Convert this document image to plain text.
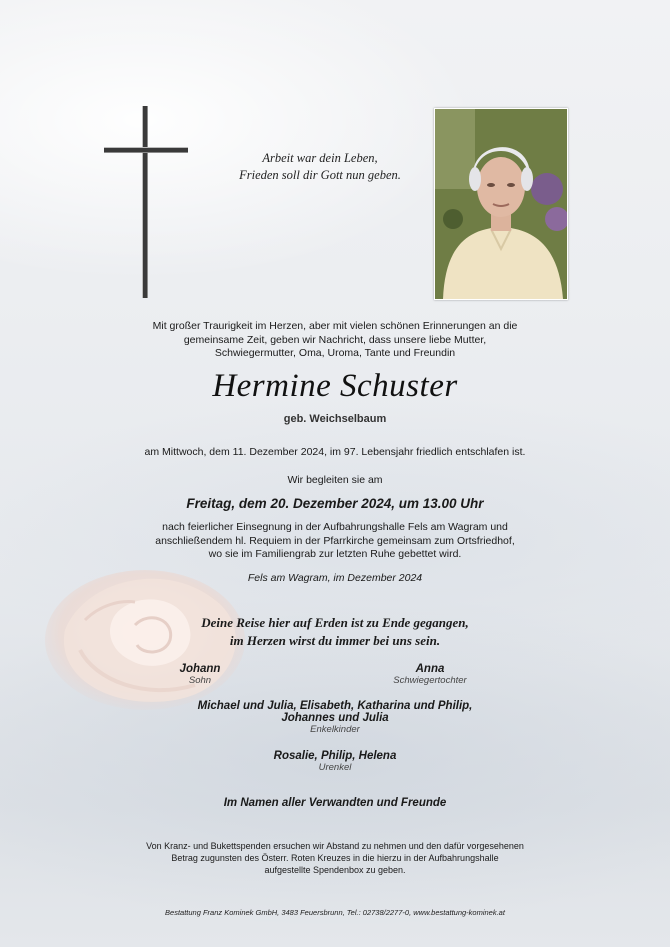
Arbeit war dein Leben,
Frieden soll dir Gott nun geben.
Mit großer Traurigkeit im Herzen, aber mit vielen schönen Erinnerungen an die
gemeinsame Zeit, geben wir Nachricht, dass unsere liebe Mutter,
Schwiegermutter, Oma, Uroma, Tante und Freundin
Hermine Schuster
geb. Weichselbaum
am Mittwoch, dem 11. Dezember 2024, im 97. Lebensjahr friedlich entschlafen ist.
Wir begleiten sie am
Freitag, dem 20. Dezember 2024, um 13.00 Uhr
nach feierlicher Einsegnung in der Aufbahrungshalle Fels am Wagram und
anschließendem hl. Requiem in der Pfarrkirche gemeinsam zum Ortsfriedhof,
wo sie im Familiengrab zur letzten Ruhe gebettet wird.
Fels am Wagram, im Dezember 2024
Deine Reise hier auf Erden ist zu Ende gegangen,
im Herzen wirst du immer bei uns sein.
Johann
Sohn
Anna
Schwiegertochter
Michael und Julia, Elisabeth, Katharina und Philip,
Johannes und Julia
Enkelkinder
Rosalie, Philip, Helena
Urenkel
Im Namen aller Verwandten und Freunde
Von Kranz- und Bukettspenden ersuchen wir Abstand zu nehmen und den dafür vorgesehenen
Betrag zugunsten des Österr. Roten Kreuzes in die hierzu in der Aufbahrungshalle
aufgestellte Spendenbox zu geben.
Bestattung Franz Kominek GmbH, 3483 Feuersbrunn, Tel.: 02738/2277-0, www.bestattung-kominek.at
